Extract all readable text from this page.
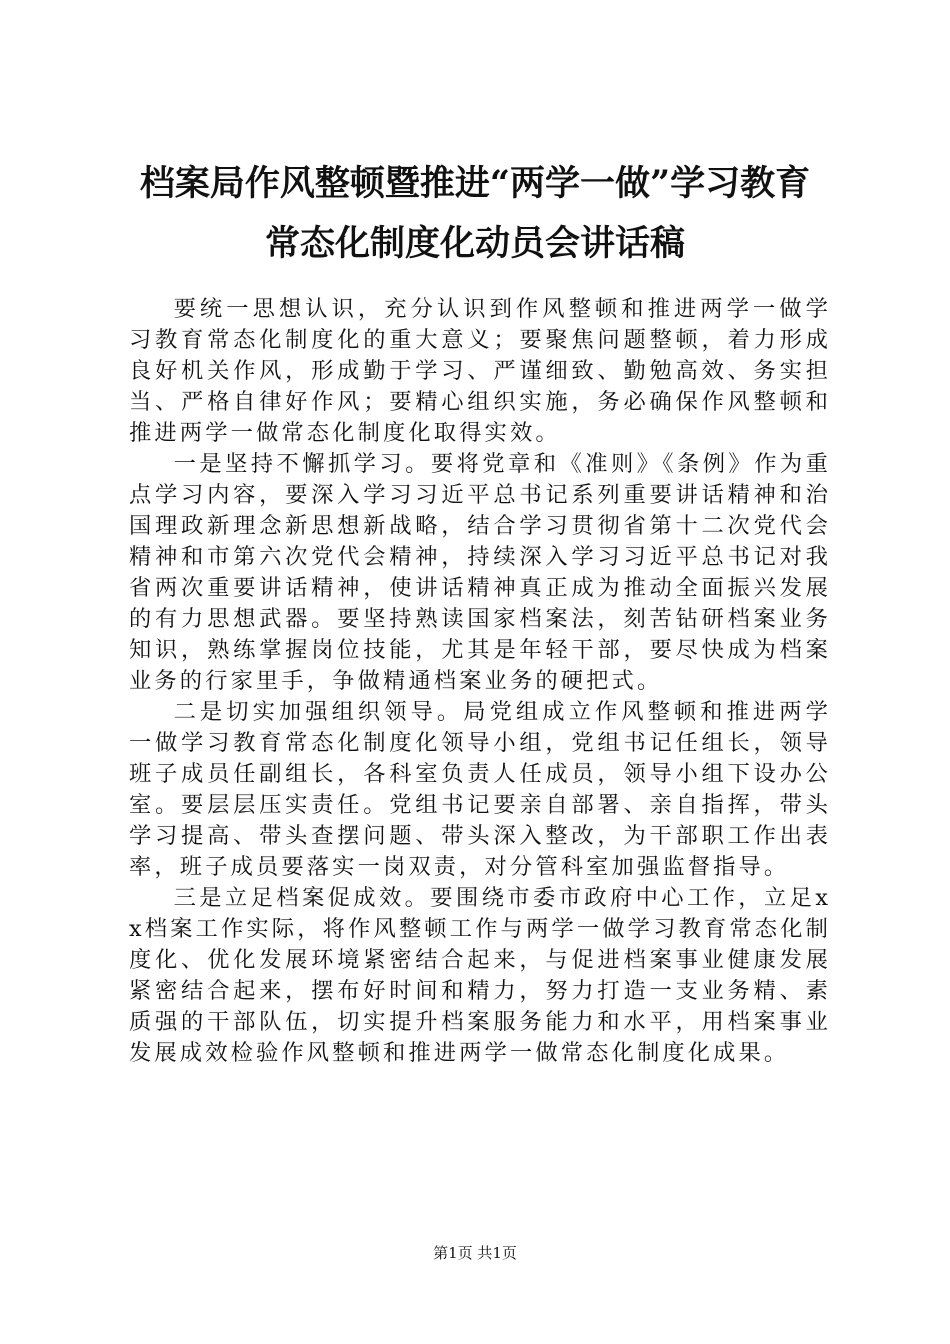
档案局作风整顿暨推进“两学一做”学习教育
常态化制度化动员会讲话稿

要统一思想认识，充分认识到作风整顿和推进两学一做学习教育常态化制度化的重大意义；要聚焦问题整顿，着力形成良好机关作风，形成勤于学习、严谨细致、勤勉高效、务实担当、严格自律好作风；要精心组织实施，务必确保作风整顿和推进两学一做常态化制度化取得实效。

一是坚持不懈抓学习。要将党章和《准则》《条例》作为重点学习内容，要深入学习习近平总书记系列重要讲话精神和治国理政新理念新思想新战略，结合学习贯彻省第十二次党代会精神和市第六次党代会精神，持续深入学习习近平总书记对我省两次重要讲话精神，使讲话精神真正成为推动全面振兴发展的有力思想武器。要坚持熟读国家档案法，刻苦钻研档案业务知识，熟练掌握岗位技能，尤其是年轻干部，要尽快成为档案业务的行家里手，争做精通档案业务的硬把式。

二是切实加强组织领导。局党组成立作风整顿和推进两学一做学习教育常态化制度化领导小组，党组书记任组长，领导班子成员任副组长，各科室负责人任成员，领导小组下设办公室。要层层压实责任。党组书记要亲自部署、亲自指挥，带头学习提高、带头查摆问题、带头深入整改，为干部职工作出表率，班子成员要落实一岗双责，对分管科室加强监督指导。

三是立足档案促成效。要围绕市委市政府中心工作，立足xx档案工作实际，将作风整顿工作与两学一做学习教育常态化制度化、优化发展环境紧密结合起来，与促进档案事业健康发展紧密结合起来，摆布好时间和精力，努力打造一支业务精、素质强的干部队伍，切实提升档案服务能力和水平，用档案事业发展成效检验作风整顿和推进两学一做常态化制度化成果。

第1页 共1页
